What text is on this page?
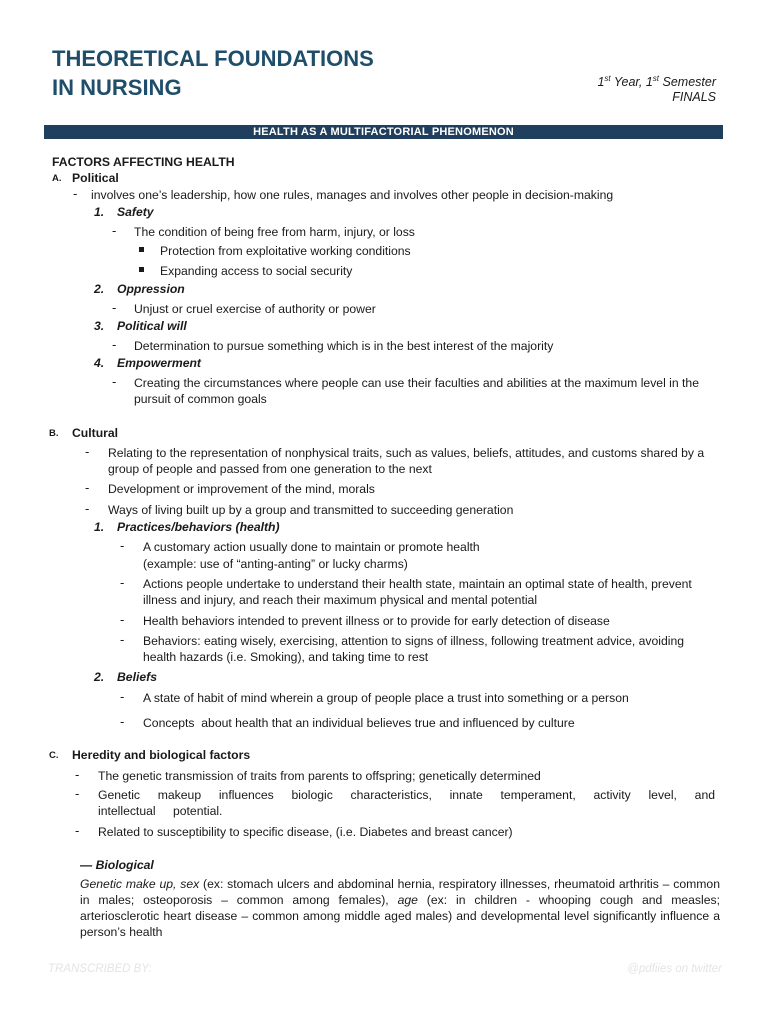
THEORETICAL FOUNDATIONS
IN NURSING	1st Year, 1st Semester
FINALS
HEALTH AS A MULTIFACTORIAL PHENOMENON
FACTORS AFFECTING HEALTH
A. Political
- involves one’s leadership, how one rules, manages and involves other people in decision-making
1. Safety
- The condition of being free from harm, injury, or loss
Protection from exploitative working conditions
Expanding access to social security
2. Oppression
- Unjust or cruel exercise of authority or power
3. Political will
- Determination to pursue something which is in the best interest of the majority
4. Empowerment
- Creating the circumstances where people can use their faculties and abilities at the maximum level in the pursuit of common goals
B. Cultural
- Relating to the representation of nonphysical traits, such as values, beliefs, attitudes, and customs shared by a group of people and passed from one generation to the next
- Development or improvement of the mind, morals
- Ways of living built up by a group and transmitted to succeeding generation
1. Practices/behaviors (health)
- A customary action usually done to maintain or promote health
(example: use of “anting-anting” or lucky charms)
- Actions people undertake to understand their health state, maintain an optimal state of health, prevent illness and injury, and reach their maximum physical and mental potential
- Health behaviors intended to prevent illness or to provide for early detection of disease
- Behaviors: eating wisely, exercising, attention to signs of illness, following treatment advice, avoiding health hazards (i.e. Smoking), and taking time to rest
2. Beliefs
- A state of habit of mind wherein a group of people place a trust into something or a person
- Concepts  about health that an individual believes true and influenced by culture
C. Heredity and biological factors
- The genetic transmission of traits from parents to offspring; genetically determined
- Genetic makeup influences biologic characteristics, innate temperament, activity level, and intellectual potential.
- Related to susceptibility to specific disease, (i.e. Diabetes and breast cancer)
— Biological
Genetic make up, sex (ex: stomach ulcers and abdominal hernia, respiratory illnesses, rheumatoid arthritis – common in males; osteoporosis – common among females), age (ex: in children - whooping cough and measles; arteriosclerotic heart disease – common among middle aged males) and developmental level significantly influence a person’s health
TRANSCRIBED BY:	@pdfiies on twitter
